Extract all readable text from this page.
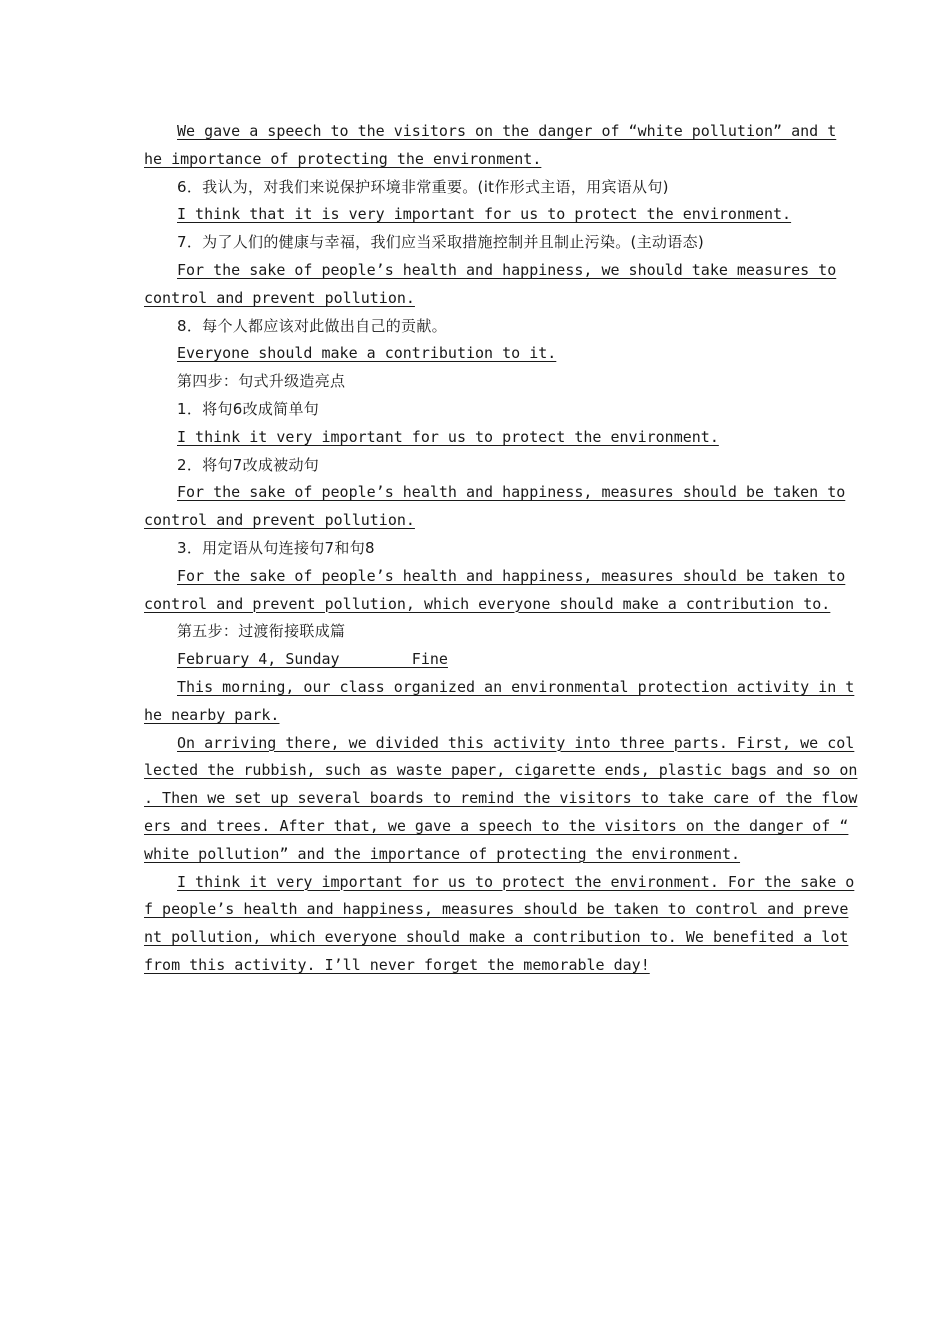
We gave a speech to the visitors on the danger of “white pollution” and t
he importance of protecting the environment.
6．我认为，对我们来说保护环境非常重要。(it作形式主语，用宾语从句)
I think that it is very important for us to protect the environment.
7．为了人们的健康与幸福，我们应当采取措施控制并且制止污染。(主动语态)
For the sake of people’s health and happiness, we should take measures to
control and prevent pollution.
8．每个人都应该对此做出自己的贡献。
Everyone should make a contribution to it.
第四步：句式升级造亮点
1．将句6改成简单句
I think it very important for us to protect the environment.
2．将句7改成被动句
For the sake of people’s health and happiness, measures should be taken to
control and prevent pollution.
3．用定语从句连接句7和句8
For the sake of people’s health and happiness, measures should be taken to
control and prevent pollution, which everyone should make a contribution to.
第五步：过渡衔接联成篇
February 4, Sunday        Fine
This morning, our class organized an environmental protection activity in t
he nearby park.
On arriving there, we divided this activity into three parts. First, we col
lected the rubbish, such as waste paper, cigarette ends, plastic bags and so on
. Then we set up several boards to remind the visitors to take care of the flow
ers and trees. After that, we gave a speech to the visitors on the danger of “
white pollution” and the importance of protecting the environment.
I think it very important for us to protect the environment. For the sake o
f people’s health and happiness, measures should be taken to control and preve
nt pollution, which everyone should make a contribution to. We benefited a lot
from this activity. I’ll never forget the memorable day!
